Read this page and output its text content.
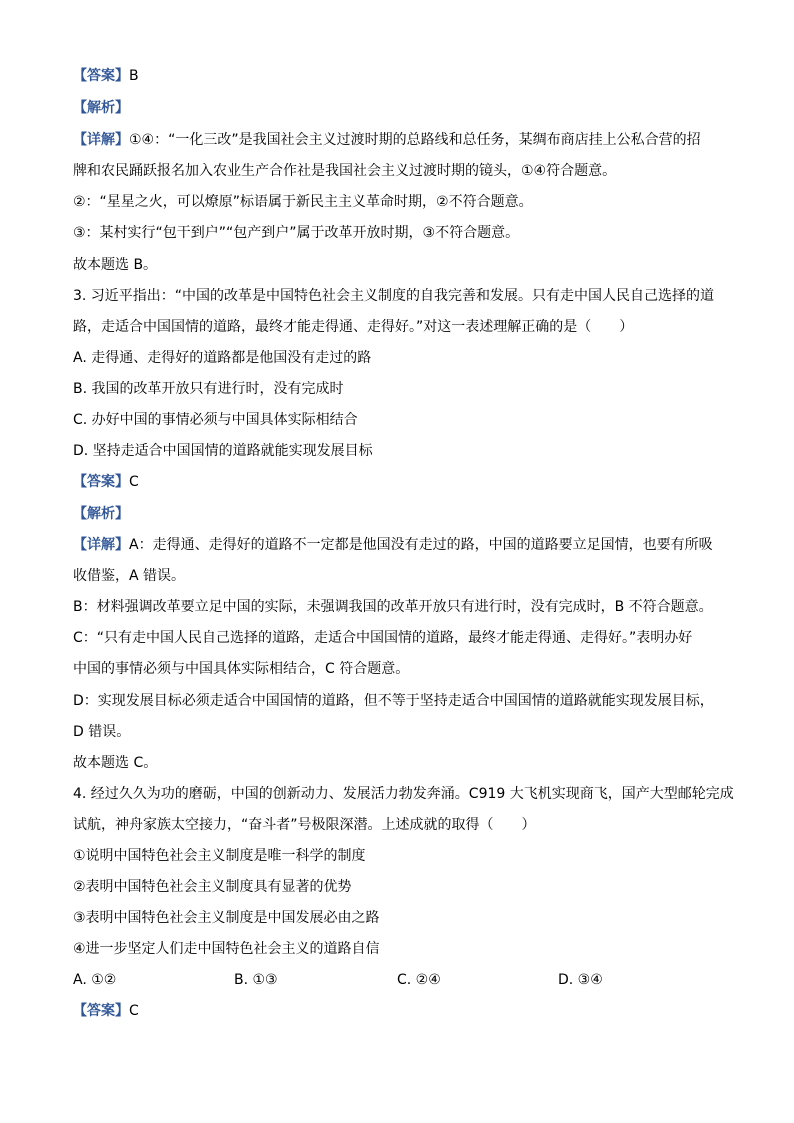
【答案】B
【解析】
【详解】①④：“一化三改”是我国社会主义过渡时期的总路线和总任务，某绸布商店挂上公私合营的招
牌和农民踊跃报名加入农业生产合作社是我国社会主义过渡时期的镜头，①④符合题意。
②：“星星之火，可以燎原”标语属于新民主主义革命时期，②不符合题意。
③：某村实行“包干到户”“包产到户”属于改革开放时期，③不符合题意。
故本题选 B。
3. 习近平指出：“中国的改革是中国特色社会主义制度的自我完善和发展。只有走中国人民自己选择的道
路，走适合中国国情的道路，最终才能走得通、走得好。”对这一表述理解正确的是（　　）
A. 走得通、走得好的道路都是他国没有走过的路
B. 我国的改革开放只有进行时，没有完成时
C. 办好中国的事情必须与中国具体实际相结合
D. 坚持走适合中国国情的道路就能实现发展目标
【答案】C
【解析】
【详解】A：走得通、走得好的道路不一定都是他国没有走过的路，中国的道路要立足国情，也要有所吸
收借鉴，A 错误。
B：材料强调改革要立足中国的实际，未强调我国的改革开放只有进行时，没有完成时，B 不符合题意。
C：“只有走中国人民自己选择的道路，走适合中国国情的道路，最终才能走得通、走得好。”表明办好
中国的事情必须与中国具体实际相结合，C 符合题意。
D：实现发展目标必须走适合中国国情的道路，但不等于坚持走适合中国国情的道路就能实现发展目标，
D 错误。
故本题选 C。
4. 经过久久为功的磨砺，中国的创新动力、发展活力勃发奔涌。C919 大飞机实现商飞，国产大型邮轮完成
试航，神舟家族太空接力，“奋斗者”号极限深潜。上述成就的取得（　　）
①说明中国特色社会主义制度是唯一科学的制度
②表明中国特色社会主义制度具有显著的优势
③表明中国特色社会主义制度是中国发展必由之路
④进一步坚定人们走中国特色社会主义的道路自信
A. ①②	B. ①③	C. ②④	D. ③④
【答案】C
